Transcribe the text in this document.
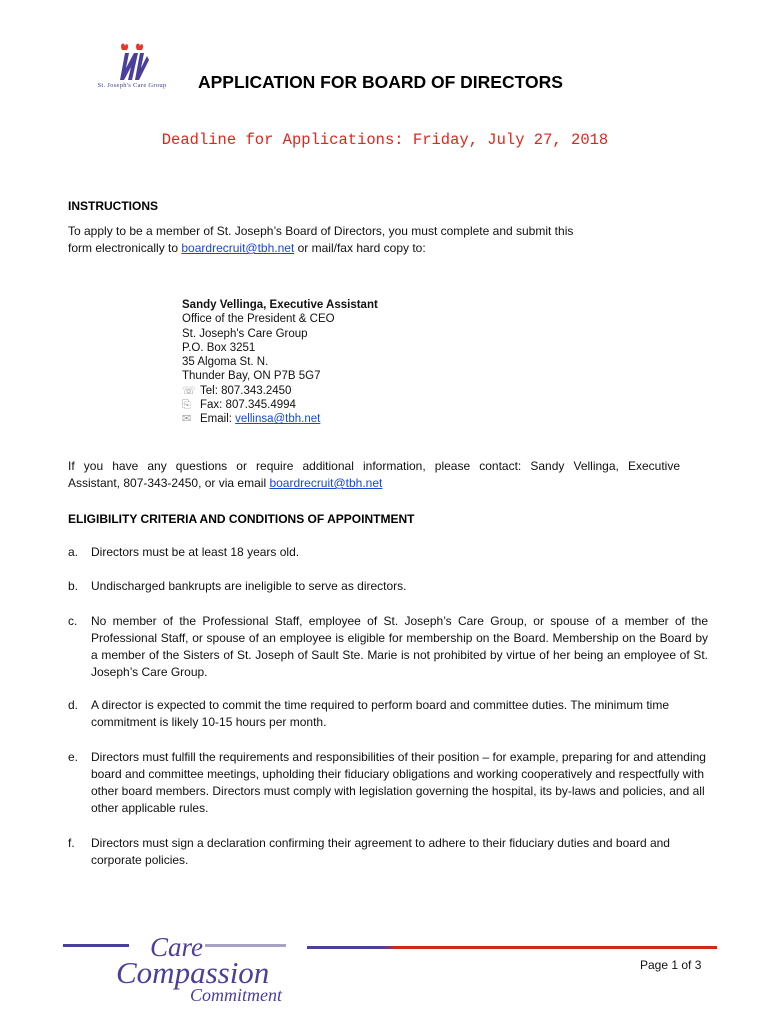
St. Joseph's Care Group	APPLICATION FOR BOARD OF DIRECTORS
Deadline for Applications: Friday, July 27, 2018
INSTRUCTIONS
To apply to be a member of St. Joseph’s Board of Directors, you must complete and submit this
form electronically to boardrecruit@tbh.net or mail/fax hard copy to:
Sandy Vellinga, Executive Assistant
Office of the President & CEO
St. Joseph's Care Group
P.O. Box 3251
35 Algoma St. N.
Thunder Bay, ON P7B 5G7
☏ Tel: 807.343.2450
⎘ Fax: 807.345.4994
✉ Email: vellinsa@tbh.net
If you have any questions or require additional information, please contact: Sandy Vellinga, Executive
Assistant, 807-343-2450, or via email boardrecruit@tbh.net
ELIGIBILITY CRITERIA AND CONDITIONS OF APPOINTMENT
a.	Directors must be at least 18 years old.
b.	Undischarged bankrupts are ineligible to serve as directors.
c.	No member of the Professional Staff, employee of St. Joseph’s Care Group, or spouse of a member of the Professional Staff, or spouse of an employee is eligible for membership on the Board. Membership on the Board by a member of the Sisters of St. Joseph of Sault Ste. Marie is not prohibited by virtue of her being an employee of St. Joseph’s Care Group.
d.	A director is expected to commit the time required to perform board and committee duties. The minimum time commitment is likely 10-15 hours per month.
e.	Directors must fulfill the requirements and responsibilities of their position – for example, preparing for and attending board and committee meetings, upholding their fiduciary obligations and working cooperatively and respectfully with other board members. Directors must comply with legislation governing the hospital, its by-laws and policies, and all other applicable rules.
f.	Directors must sign a declaration confirming their agreement to adhere to their fiduciary duties and board and corporate policies.
Care
Compassion
Commitment
Page 1 of 3
